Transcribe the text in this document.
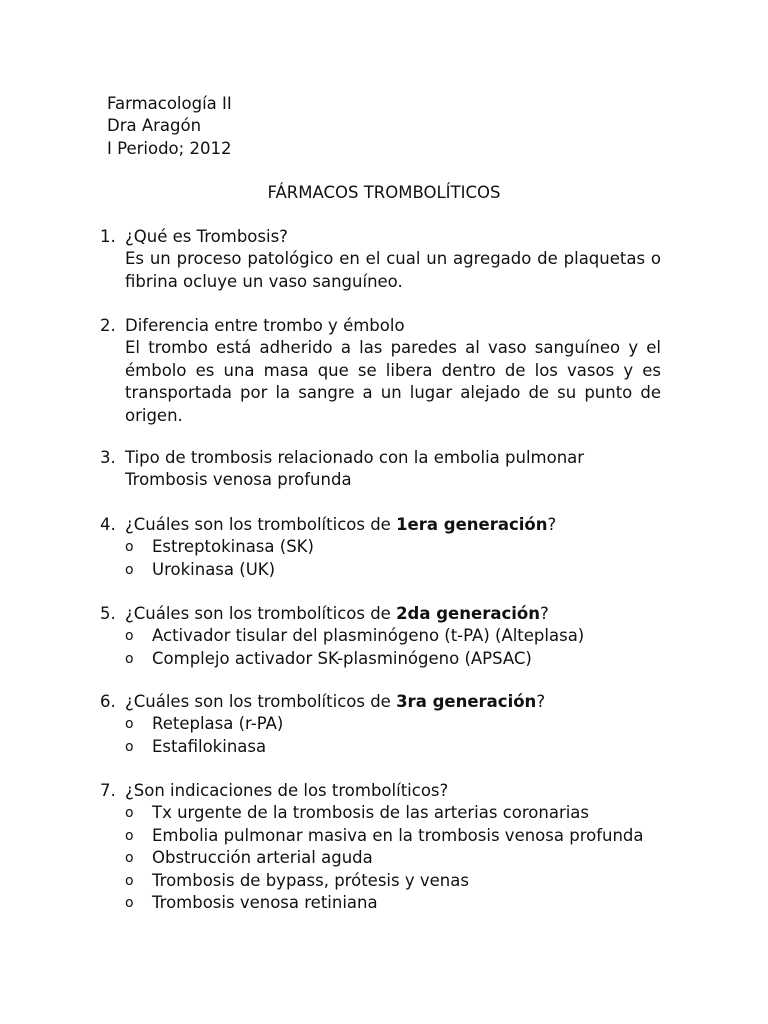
Farmacología II
Dra Aragón
I Periodo; 2012
FÁRMACOS TROMBOLÍTICOS
1. ¿Qué es Trombosis?
Es un proceso patológico en el cual un agregado de plaquetas o fibrina ocluye un vaso sanguíneo.
2. Diferencia entre trombo y émbolo
El trombo está adherido a las paredes al vaso sanguíneo y el émbolo es una masa que se libera dentro de los vasos y es transportada por la sangre a un lugar alejado de su punto de origen.
3. Tipo de trombosis relacionado con la embolia pulmonar
Trombosis venosa profunda
4. ¿Cuáles son los trombolíticos de 1era generación?
o Estreptokinasa (SK)
o Urokinasa (UK)
5. ¿Cuáles son los trombolíticos de 2da generación?
o Activador tisular del plasminógeno (t-PA) (Alteplasa)
o Complejo activador SK-plasminógeno (APSAC)
6. ¿Cuáles son los trombolíticos de 3ra generación?
o Reteplasa (r-PA)
o Estafilokinasa
7. ¿Son indicaciones de los trombolíticos?
o Tx urgente de la trombosis de las arterias coronarias
o Embolia pulmonar masiva en la trombosis venosa profunda
o Obstrucción arterial aguda
o Trombosis de bypass, prótesis y venas
o Trombosis venosa retiniana
